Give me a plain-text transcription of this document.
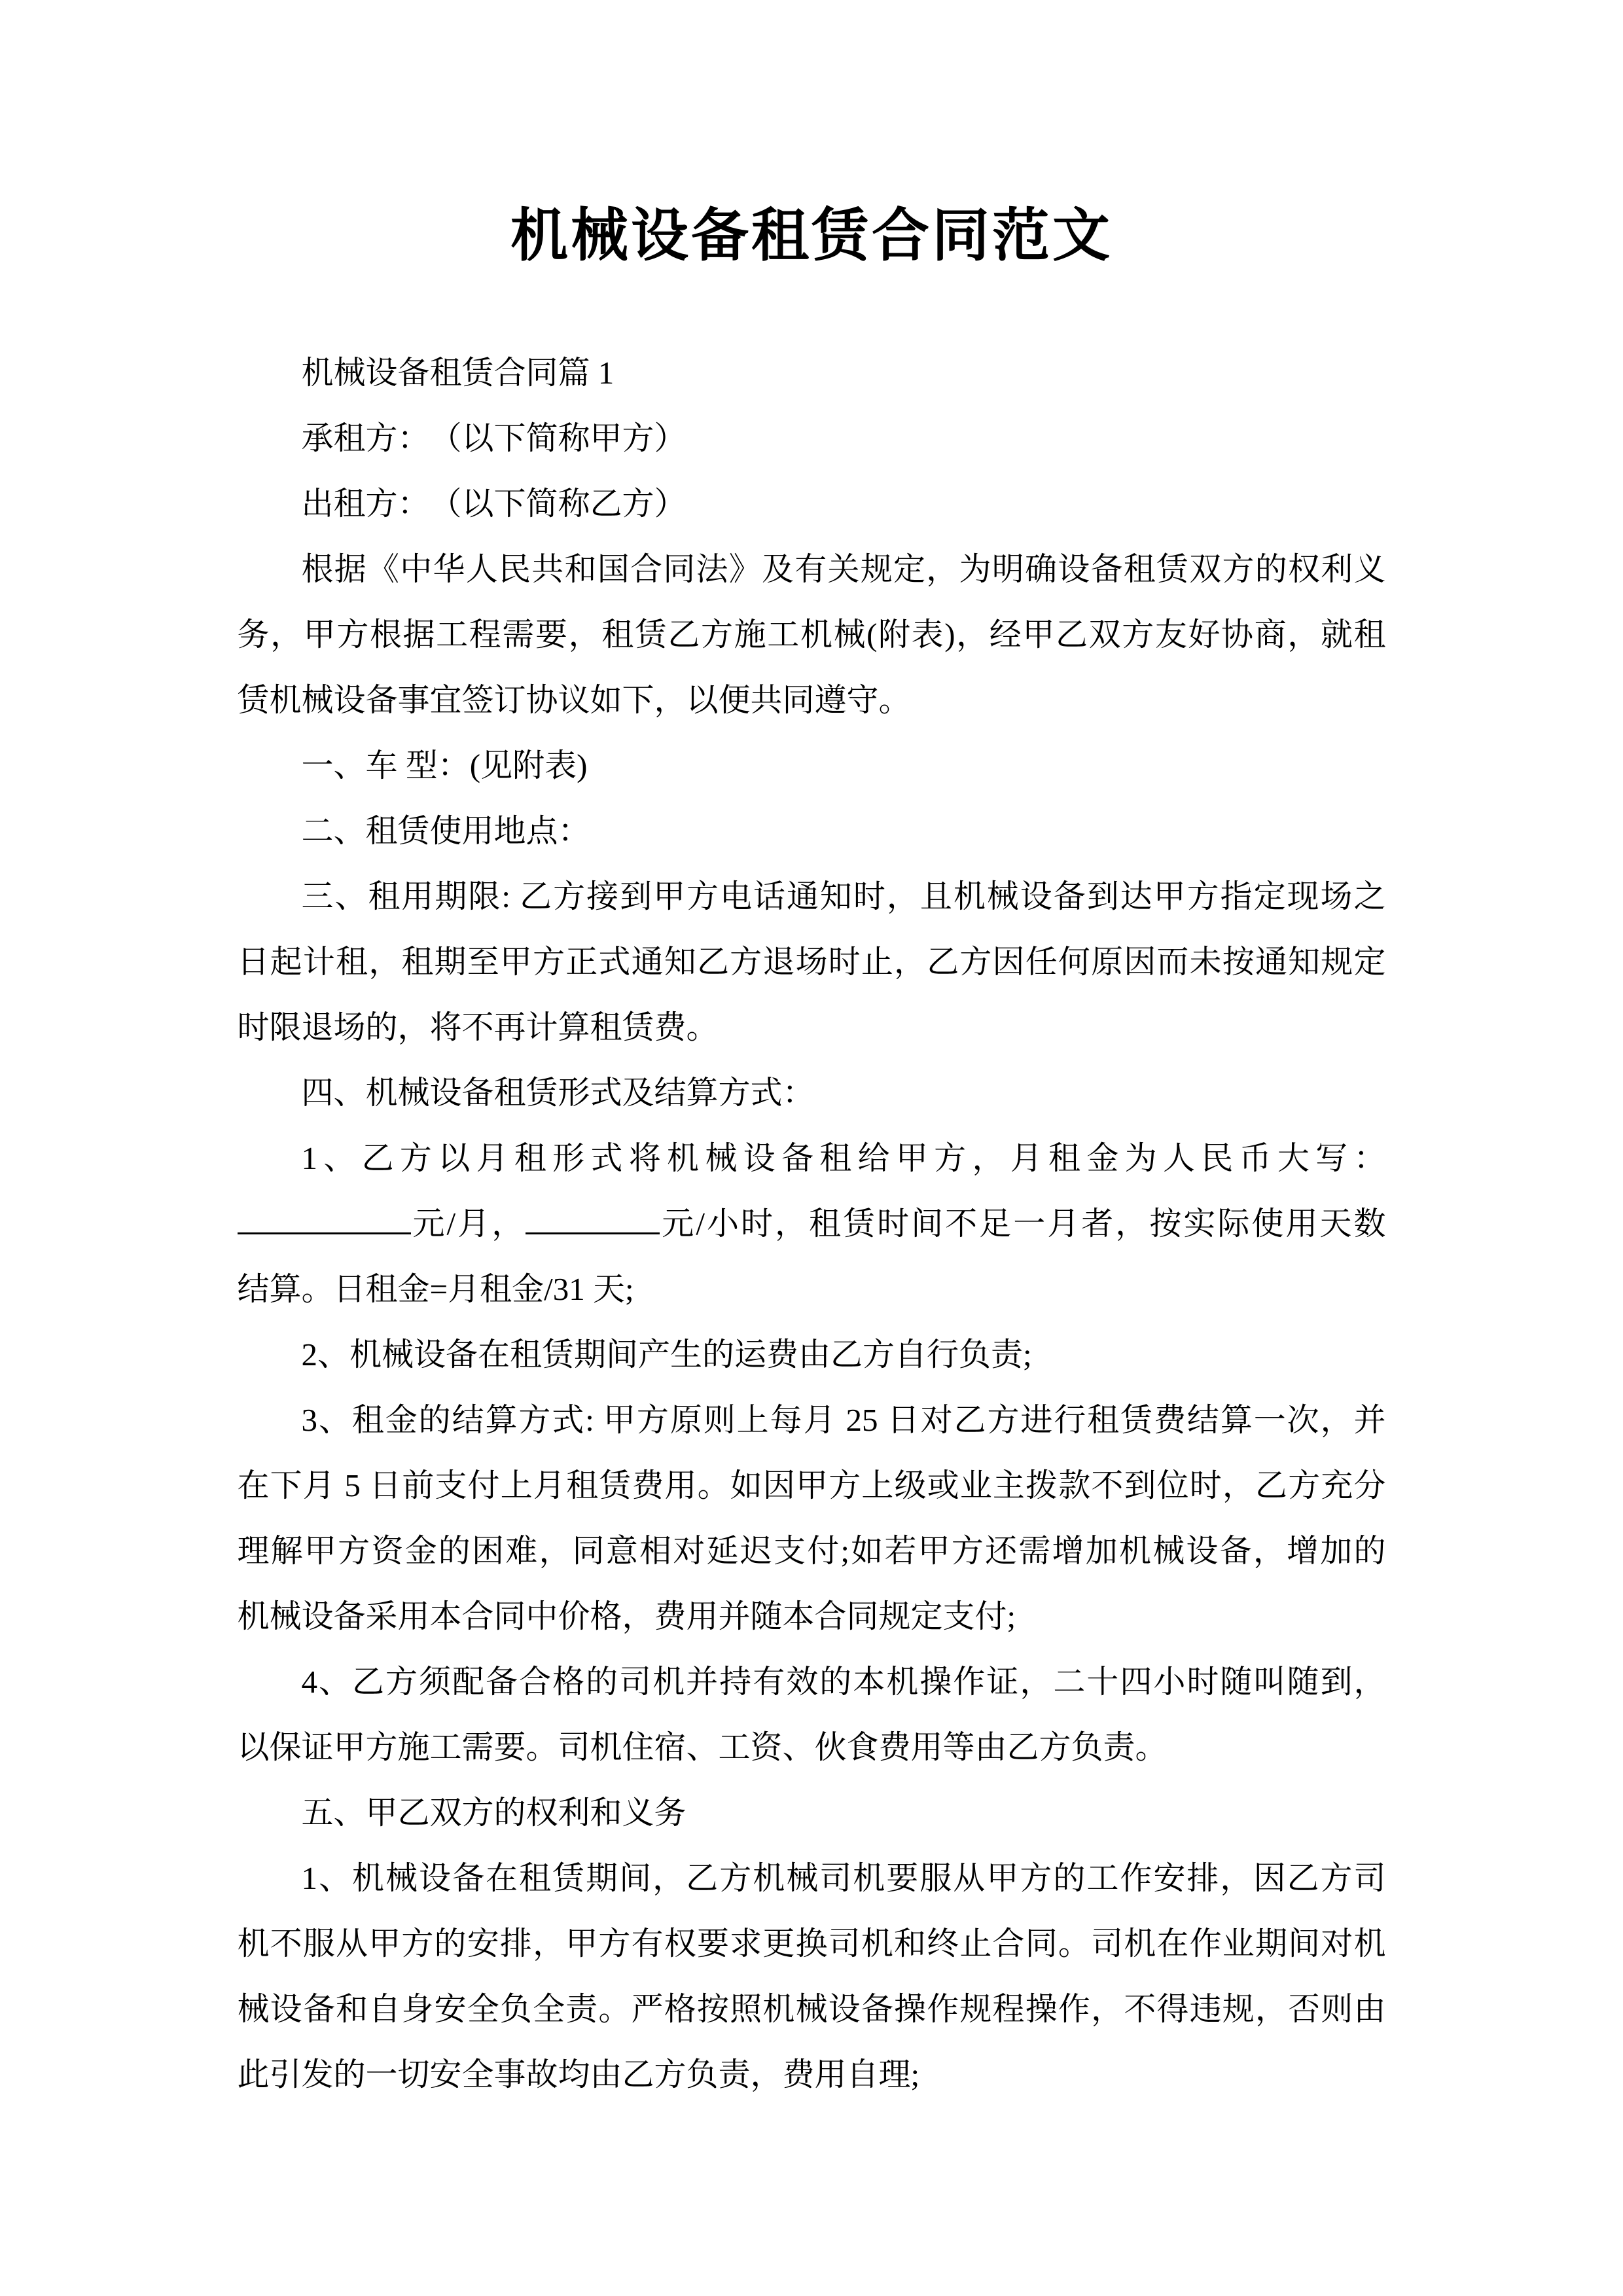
机械设备租赁合同范文
机械设备租赁合同篇 1
承租方：　（以下简称甲方）
出租方：　（以下简称乙方）
根据《中华人民共和国合同法》及有关规定，为明确设备租赁双方的权利义
务，甲方根据工程需要，租赁乙方施工机械(附表)，经甲乙双方友好协商，就租
赁机械设备事宜签订协议如下，以便共同遵守。
一、车 型：(见附表)
二、租赁使用地点：
三、租用期限: 乙方接到甲方电话通知时，且机械设备到达甲方指定现场之
日起计租，租期至甲方正式通知乙方退场时止，乙方因任何原因而未按通知规定
时限退场的，将不再计算租赁费。
四、机械设备租赁形式及结算方式：
1、乙方以月租形式将机械设备租给甲方，月租金为人民币大写：
元/月，	元/小时，租赁时间不足一月者，按实际使用天数
结算。日租金=月租金/31 天;
2、机械设备在租赁期间产生的运费由乙方自行负责;
3、租金的结算方式: 甲方原则上每月 25 日对乙方进行租赁费结算一次，并
在下月 5 日前支付上月租赁费用。如因甲方上级或业主拨款不到位时，乙方充分
理解甲方资金的困难，同意相对延迟支付;如若甲方还需增加机械设备，增加的
机械设备采用本合同中价格，费用并随本合同规定支付;
4、乙方须配备合格的司机并持有效的本机操作证，二十四小时随叫随到，
以保证甲方施工需要。司机住宿、工资、伙食费用等由乙方负责。
五、甲乙双方的权利和义务
1、机械设备在租赁期间，乙方机械司机要服从甲方的工作安排，因乙方司
机不服从甲方的安排，甲方有权要求更换司机和终止合同。司机在作业期间对机
械设备和自身安全负全责。严格按照机械设备操作规程操作，不得违规，否则由
此引发的一切安全事故均由乙方负责，费用自理;
